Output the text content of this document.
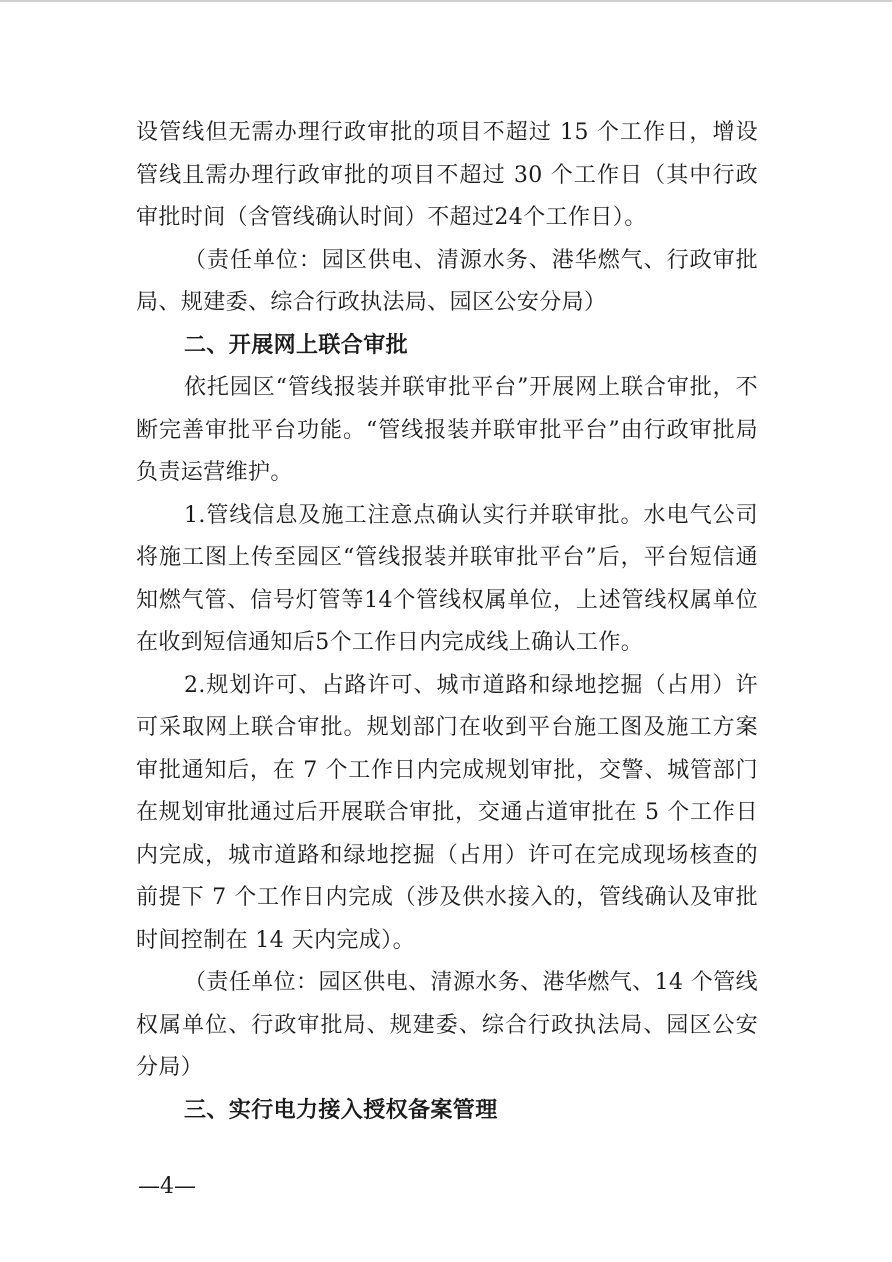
设管线但无需办理行政审批的项目不超过 15 个工作日，增设管线且需办理行政审批的项目不超过 30 个工作日（其中行政审批时间（含管线确认时间）不超过24个工作日）。

（责任单位：园区供电、清源水务、港华燃气、行政审批局、规建委、综合行政执法局、园区公安分局）

二、开展网上联合审批

依托园区“管线报装并联审批平台”开展网上联合审批，不断完善审批平台功能。“管线报装并联审批平台”由行政审批局负责运营维护。

1.管线信息及施工注意点确认实行并联审批。水电气公司将施工图上传至园区“管线报装并联审批平台”后，平台短信通知燃气管、信号灯管等14个管线权属单位，上述管线权属单位在收到短信通知后5个工作日内完成线上确认工作。

2.规划许可、占路许可、城市道路和绿地挖掘（占用）许可采取网上联合审批。规划部门在收到平台施工图及施工方案审批通知后，在 7 个工作日内完成规划审批，交警、城管部门在规划审批通过后开展联合审批，交通占道审批在 5 个工作日内完成，城市道路和绿地挖掘（占用）许可在完成现场核查的前提下 7 个工作日内完成（涉及供水接入的，管线确认及审批时间控制在 14 天内完成）。

（责任单位：园区供电、清源水务、港华燃气、14 个管线权属单位、行政审批局、规建委、综合行政执法局、园区公安分局）

三、实行电力接入授权备案管理

—4—
